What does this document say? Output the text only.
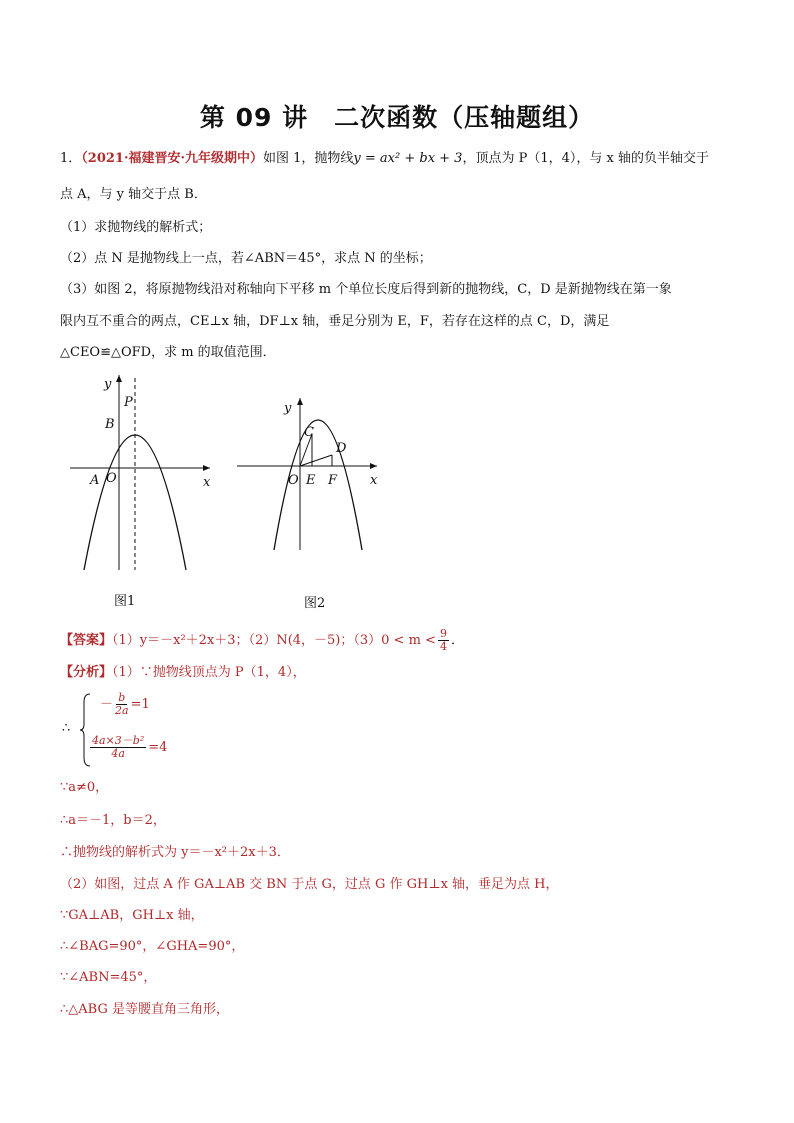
第 09 讲　二次函数（压轴题组）
1．（2021·福建晋安·九年级期中）如图 1，抛物线y = ax² + bx + 3，顶点为 P（1，4），与 x 轴的负半轴交于
点 A，与 y 轴交于点 B．
（1）求抛物线的解析式；
（2）点 N 是抛物线上一点，若∠ABN＝45°，求点 N 的坐标；
（3）如图 2，将原抛物线沿对称轴向下平移 m 个单位长度后得到新的抛物线，C，D 是新抛物线在第一象
限内互不重合的两点，CE⊥x 轴，DF⊥x 轴，垂足分别为 E，F，若存在这样的点 C，D，满足
△CEO≌△OFD，求 m 的取值范围．
y
x
P
B
A O
图1
y
x
C
D
O E F
图2
【答案】（1）y＝－x²＋2x＋3；（2）N(4，－5)；$(3)0 < m < \frac{9}{4}$ ．
【分析】（1）∵抛物线顶点为 P（1，4），
∴
－ $\frac{b}{2a} =1$
$\frac{\text{4a×3－b²}}{4a} =4$
∵a≠0，
∴a＝－1，b＝2，
∴抛物线的解析式为 y＝－x²＋2x＋3．
（2）如图，过点 A 作 GA⊥AB 交 BN 于点 G，过点 G 作 GH⊥x 轴，垂足为点 H，
∵GA⊥AB，GH⊥x 轴，
∴∠BAG=90°，∠GHA=90°，
∵∠ABN=45°，
∴△ABG 是等腰直角三角形，
